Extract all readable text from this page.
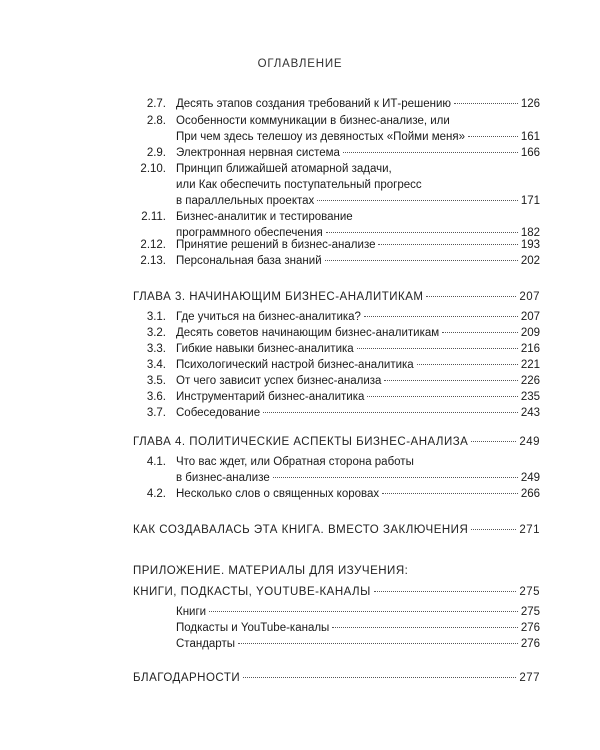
ОГЛАВЛЕНИЕ
2.7. Десять этапов создания требований к ИТ-решению	126
2.8. Особенности коммуникации в бизнес-анализе, или
При чем здесь телешоу из девяностых «Пойми меня»	161
2.9. Электронная нервная система	166
2.10. Принцип ближайшей атомарной задачи,
или Как обеспечить поступательный прогресс
в параллельных проектах	171
2.11. Бизнес-аналитик и тестирование
программного обеспечения	182
2.12. Принятие решений в бизнес-анализе	193
2.13. Персональная база знаний	202
ГЛАВА 3. НАЧИНАЮЩИМ БИЗНЕС-АНАЛИТИКАМ	207
3.1. Где учиться на бизнес-аналитика?	207
3.2. Десять советов начинающим бизнес-аналитикам	209
3.3. Гибкие навыки бизнес-аналитика	216
3.4. Психологический настрой бизнес-аналитика	221
3.5. От чего зависит успех бизнес-анализа	226
3.6. Инструментарий бизнес-аналитика	235
3.7. Собеседование	243
ГЛАВА 4. ПОЛИТИЧЕСКИЕ АСПЕКТЫ БИЗНЕС-АНАЛИЗА	249
4.1. Что вас ждет, или Обратная сторона работы
в бизнес-анализе	249
4.2. Несколько слов о священных коровах	266
КАК СОЗДАВАЛАСЬ ЭТА КНИГА. ВМЕСТО ЗАКЛЮЧЕНИЯ	271
ПРИЛОЖЕНИЕ. МАТЕРИАЛЫ ДЛЯ ИЗУЧЕНИЯ:
КНИГИ, ПОДКАСТЫ, YOUTUBE-КАНАЛЫ	275
Книги	275
Подкасты и YouTube-каналы	276
Стандарты	276
БЛАГОДАРНОСТИ	277
